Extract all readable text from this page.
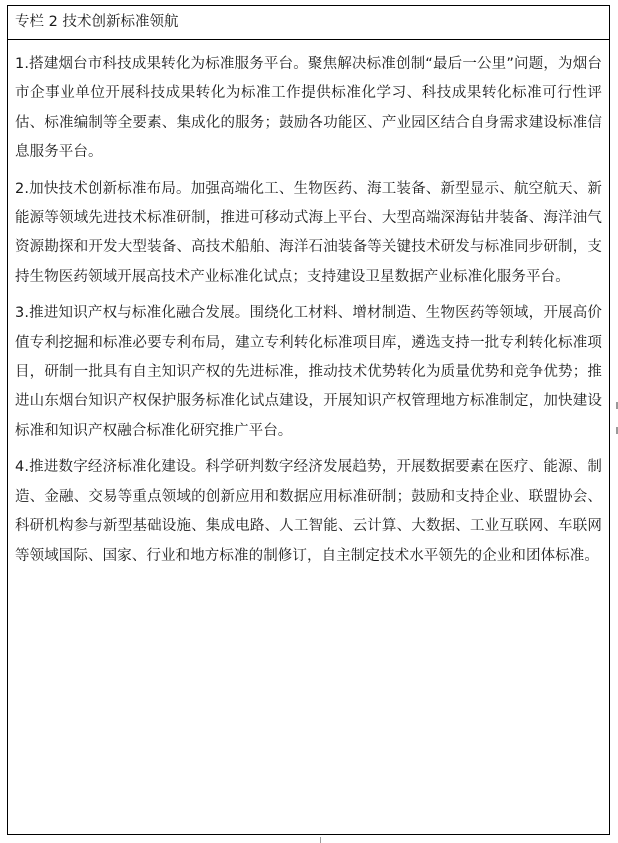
专栏 2 技术创新标准领航

1.搭建烟台市科技成果转化为标准服务平台。聚焦解决标准创制“最后一公里”问题，为烟台市企事业单位开展科技成果转化为标准工作提供标准化学习、科技成果转化标准可行性评估、标准编制等全要素、集成化的服务；鼓励各功能区、产业园区结合自身需求建设标准信息服务平台。

2.加快技术创新标准布局。加强高端化工、生物医药、海工装备、新型显示、航空航天、新能源等领域先进技术标准研制，推进可移动式海上平台、大型高端深海钻井装备、海洋油气资源勘探和开发大型装备、高技术船舶、海洋石油装备等关键技术研发与标准同步研制，支持生物医药领域开展高技术产业标准化试点；支持建设卫星数据产业标准化服务平台。

3.推进知识产权与标准化融合发展。围绕化工材料、增材制造、生物医药等领域，开展高价值专利挖掘和标准必要专利布局，建立专利转化标准项目库，遴选支持一批专利转化标准项目，研制一批具有自主知识产权的先进标准，推动技术优势转化为质量优势和竞争优势；推进山东烟台知识产权保护服务标准化试点建设，开展知识产权管理地方标准制定，加快建设标准和知识产权融合标准化研究推广平台。

4.推进数字经济标准化建设。科学研判数字经济发展趋势，开展数据要素在医疗、能源、制造、金融、交易等重点领域的创新应用和数据应用标准研制；鼓励和支持企业、联盟协会、科研机构参与新型基础设施、集成电路、人工智能、云计算、大数据、工业互联网、车联网等领域国际、国家、行业和地方标准的制修订，自主制定技术水平领先的企业和团体标准。
